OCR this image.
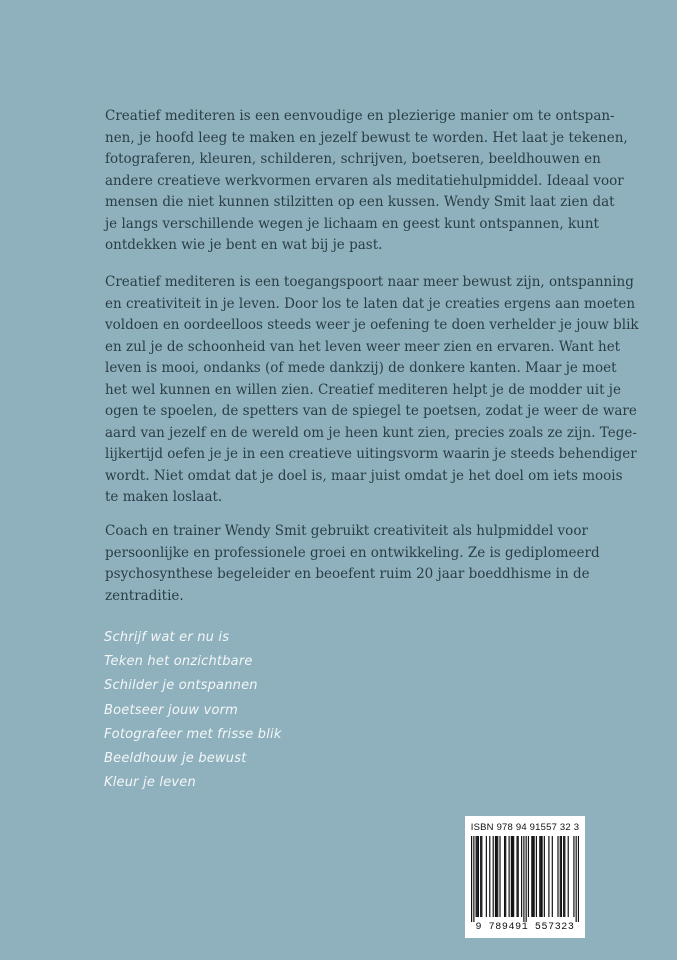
Creatief mediteren is een eenvoudige en plezierige manier om te ontspan-
nen, je hoofd leeg te maken en jezelf bewust te worden. Het laat je tekenen,
fotograferen, kleuren, schilderen, schrijven, boetseren, beeldhouwen en
andere creatieve werkvormen ervaren als meditatiehulpmiddel. Ideaal voor
mensen die niet kunnen stilzitten op een kussen. Wendy Smit laat zien dat
je langs verschillende wegen je lichaam en geest kunt ontspannen, kunt
ontdekken wie je bent en wat bij je past.
Creatief mediteren is een toegangspoort naar meer bewust zijn, ontspanning
en creativiteit in je leven. Door los te laten dat je creaties ergens aan moeten
voldoen en oordeelloos steeds weer je oefening te doen verhelder je jouw blik
en zul je de schoonheid van het leven weer meer zien en ervaren. Want het
leven is mooi, ondanks (of mede dankzij) de donkere kanten. Maar je moet
het wel kunnen en willen zien. Creatief mediteren helpt je de modder uit je
ogen te spoelen, de spetters van de spiegel te poetsen, zodat je weer de ware
aard van jezelf en de wereld om je heen kunt zien, precies zoals ze zijn. Tege-
lijkertijd oefen je je in een creatieve uitingsvorm waarin je steeds behendiger
wordt. Niet omdat dat je doel is, maar juist omdat je het doel om iets moois
te maken loslaat.
Coach en trainer Wendy Smit gebruikt creativiteit als hulpmiddel voor
persoonlijke en professionele groei en ontwikkeling. Ze is gediplomeerd
psychosynthese begeleider en beoefent ruim 20 jaar boeddhisme in de
zentraditie.
Schrijf wat er nu is
Teken het onzichtbare
Schilder je ontspannen
Boetseer jouw vorm
Fotografeer met frisse blik
Beeldhouw je bewust
Kleur je leven
ISBN 978 94 91557 32 3
9 789491 557323
